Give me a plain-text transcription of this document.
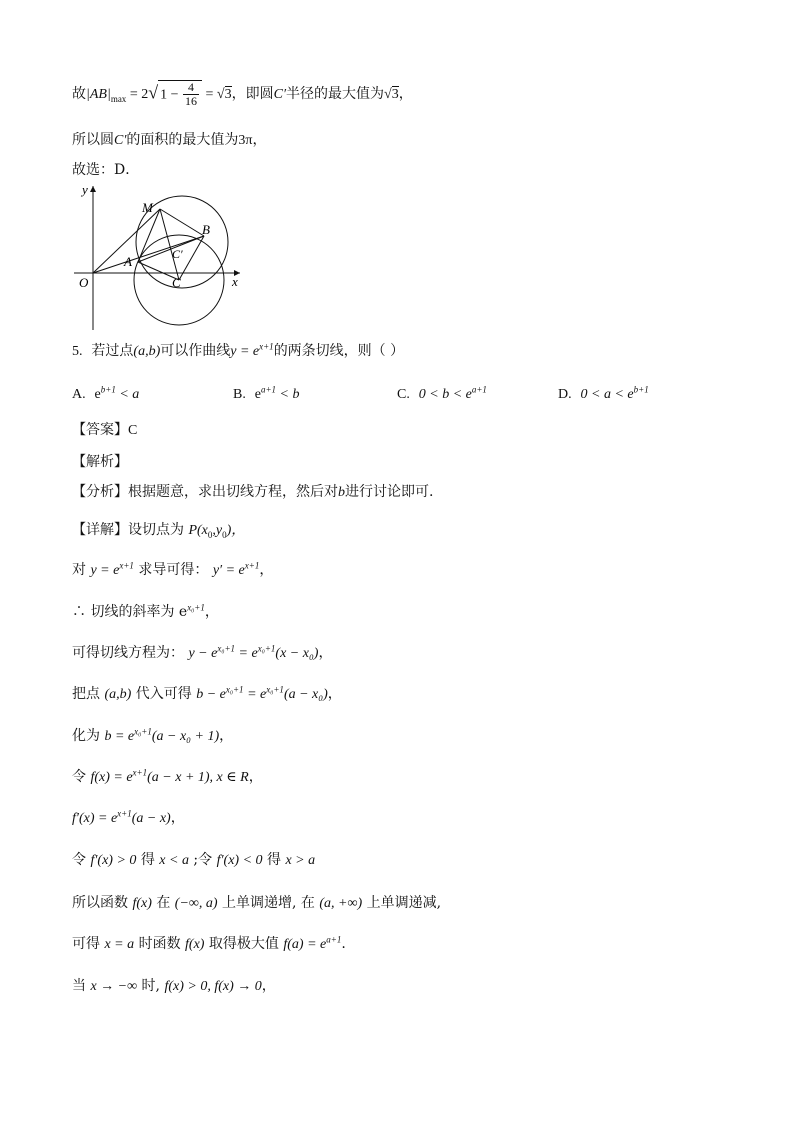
故$|AB|_{max} = 2√$ $1 - \frac{4}{16} = √3$，即圆C′半径的最大值为√3，
所以圆C′的面积的最大值为3π，
故选：D．
y
x
O
M
A
B
C′
C
5. 若过点(a,b)可以作曲线$y = e^{x+1}$的两条切线，则（ ）
A. $e^{b+1} < a$	B. $e^{a+1} < b$	C. $0 < b < e^{a+1}$	D. $0 < a < e^{b+1}$
【答案】C
【解析】
【分析】根据题意，求出切线方程，然后对b进行讨论即可.
【详解】设切点为 $P(x_0,y_0)$，
对 $y = e^{x+1}$ 求导可得： $y' = e^{x+1}$，
∴ 切线的斜率为 $e^{x_0+1}$，
可得切线方程为： $y - e^{x_0+1} = e^{x_0+1}(x - x_0)$，
把点 (a,b) 代入可得 $b - e^{x_0+1} = e^{x_0+1}(a - x_0)$，
化为 $b = e^{x_0+1}(a - x_0 + 1)$，
令 $f(x) = e^{x+1}(a - x + 1)$, x ∈ R，
$f'(x) = e^{x+1}(a - x)$，
令 f′(x) > 0 得 x < a ;令 f′(x) < 0 得 x > a
所以函数 f(x) 在 (−∞, a) 上单调递增, 在 (a, +∞) 上单调递减,
可得 x = a 时函数 f(x) 取得极大值 $f(a) = e^{a+1}$.
当 x → −∞ 时, f(x) > 0, f(x) → 0，
